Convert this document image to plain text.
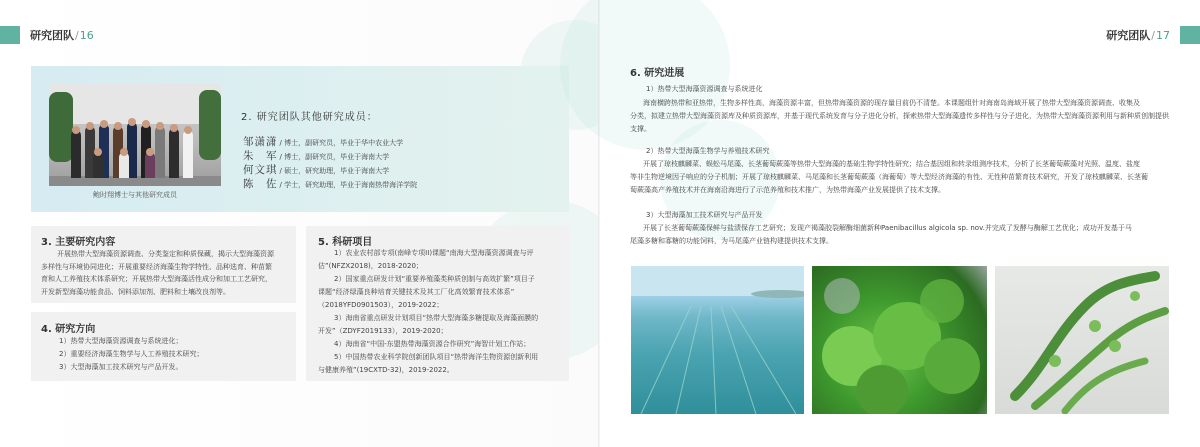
研究团队 / 16
鲍时翔博士与其他研究成员
2. 研究团队其他研究成员：
邹潇潇 / 博士，副研究员，毕业于华中农业大学
朱　军 / 博士，副研究员，毕业于海南大学
何文琪 / 硕士，研究助理，毕业于海南大学
陈　佐 / 学士，研究助理，毕业于海南热带海洋学院
3. 主要研究内容
开展热带大型海藻资源调查、分类鉴定和种质保藏，揭示大型海藻资源
多样性与环境协同进化；开展重要经济海藻生物学特性、品种选育、种苗繁
育和人工养殖技术体系研究；开展热带大型海藻活性成分和加工工艺研究，
开发新型海藻功能食品、饲料添加剂、肥料和土壤改良剂等。
4. 研究方向
1）热带大型海藻资源调查与系统进化；
2）重要经济海藻生物学与人工养殖技术研究；
3）大型海藻加工技术研究与产品开发。
5. 科研项目
1）农业农村部专项(南峰专项II)课题“南海大型海藻资源调查与评
估”(NFZX2018)，2018-2020；
2）国家重点研发计划“重要养殖藻类种质创制与高效扩繁”项目子
课题“经济绿藻良种培育关键技术及其工厂化高效繁育技术体系”
（2018YFD0901503），2019-2022；
3）海南省重点研发计划项目“热带大型海藻多糖提取及海藻面膜的
开发”（ZDYF2019133），2019-2020；
4）海南省“中国-东盟热带海藻资源合作研究”海智计划工作站；
5）中国热带农业科学院创新团队项目“热带海洋生物资源创新利用
与健康养殖”(19CXTD-32)，2019-2022。
研究团队 / 17
6. 研究进展
1）热带大型海藻资源调查与系统进化
海南横跨热带和亚热带，生物多样性高，海藻资源丰富，但热带海藻资源的现存量目前仍不清楚。本课题组针对海南岛海域开展了热带大型海藻资源调查、收集及
分类，拟建立热带大型海藻资源库及种质资源库，并基于现代系统发育与分子进化分析，探索热带大型海藻遗传多样性与分子进化，为热带大型海藻资源利用与新种质创制提供
支撑。
2）热带大型海藻生物学与养殖技术研究
开展了琼枝麒麟菜、蜈蚣马尾藻、长茎葡萄蕨藻等热带大型海藻的基础生物学特性研究；结合基因组和转录组测序技术，分析了长茎葡萄蕨藻对光照、温度、盐度
等非生物逆境因子响应的分子机制；开展了琼枝麒麟菜、马尾藻和长茎葡萄蕨藻（海葡萄）等大型经济海藻的有性、无性种苗繁育技术研究，开发了琼枝麒麟菜、长茎葡
萄蕨藻高产养殖技术并在海南沿海进行了示范养殖和技术推广，为热带海藻产业发展提供了技术支撑。
3）大型海藻加工技术研究与产品开发
开展了长茎葡萄蕨藻保鲜与盐渍保存工艺研究；发现产褐藻胶裂解酶细菌新种Paenibacillus algicola sp. nov.并完成了发酵与酶解工艺优化；成功开发基于马
尾藻多糖和寡糖的功能饲料，为马尾藻产业链构建提供技术支撑。
